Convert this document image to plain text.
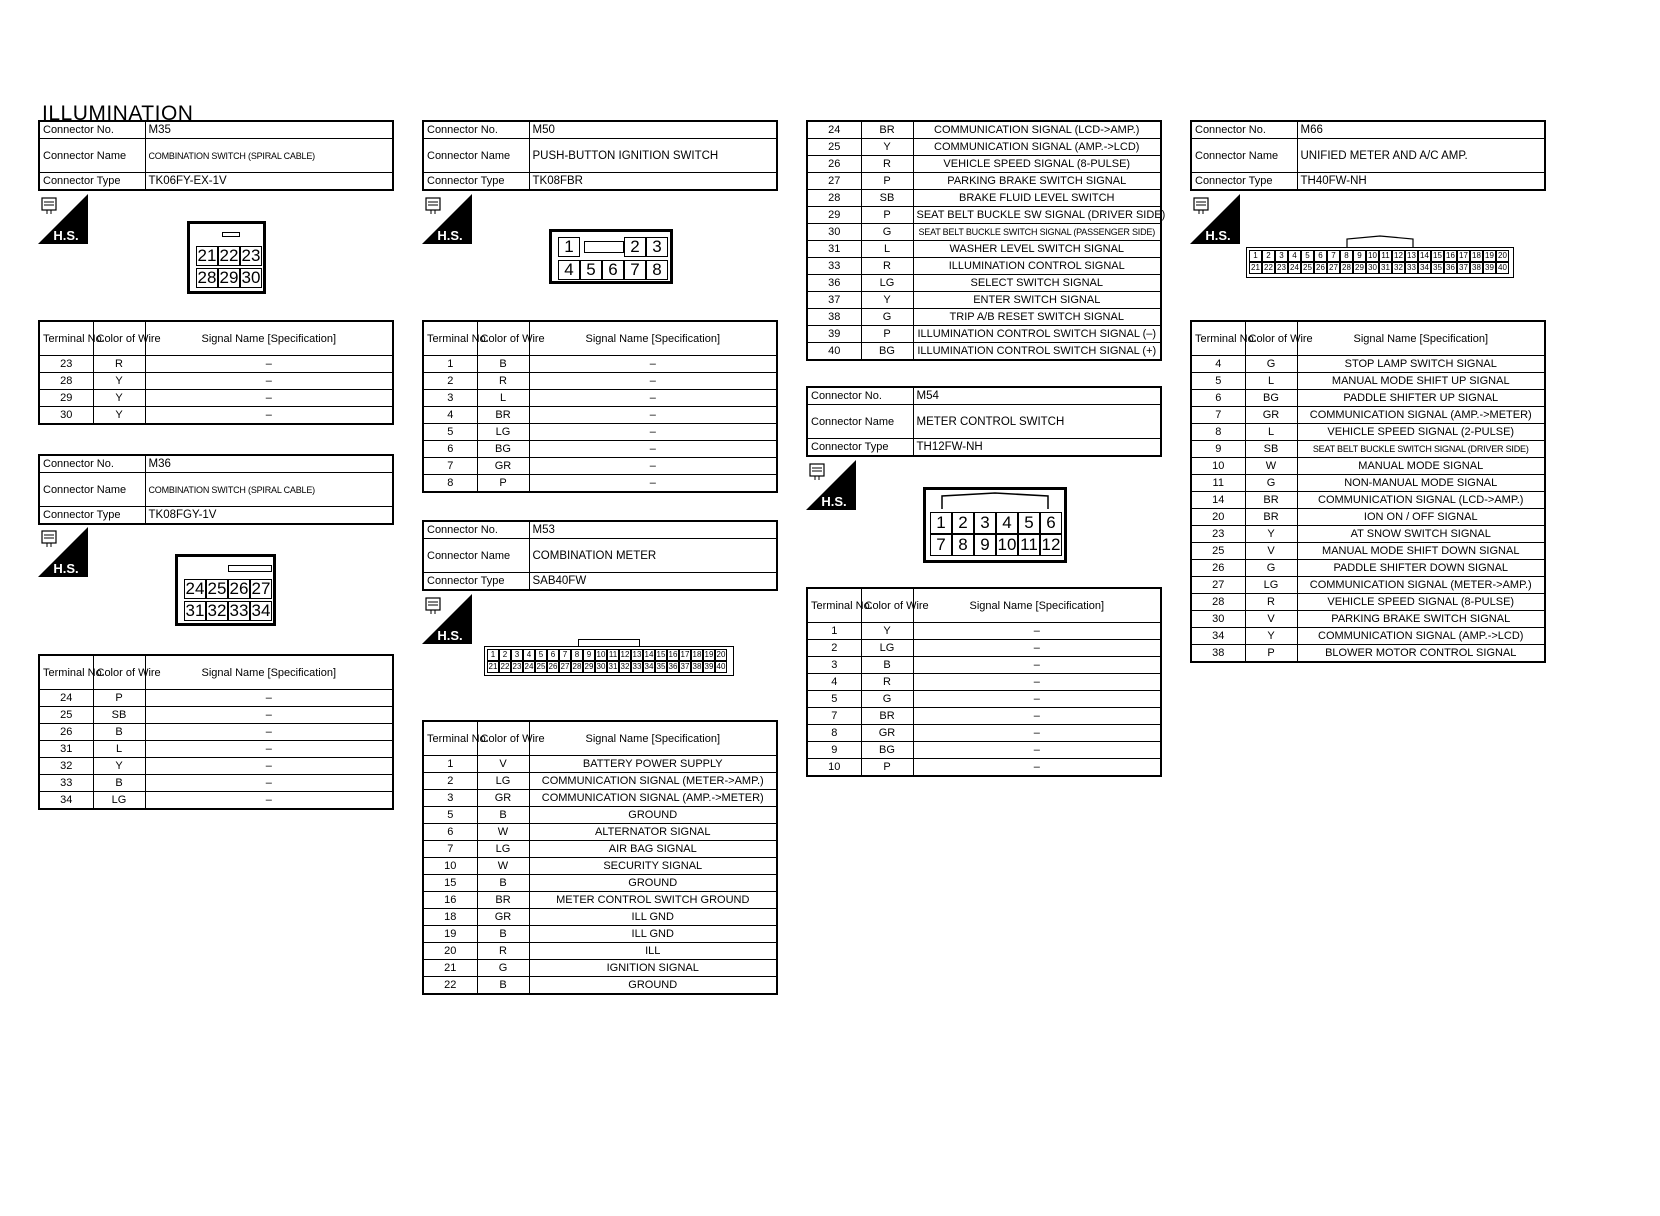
ILLUMINATION
Connector No.	M35
Connector Name	COMBINATION SWITCH (SPIRAL CABLE)
Connector Type	TK06FY-EX-1V
H.S.
21 22 23
28 29 30
Terminal No.	Color of Wire	Signal Name [Specification]
23	R	–
28	Y	–
29	Y	–
30	Y	–
Connector No.	M36
Connector Name	COMBINATION SWITCH (SPIRAL CABLE)
Connector Type	TK08FGY-1V
H.S.
24 25 26 27
31 32 33 34
Terminal No.	Color of Wire	Signal Name [Specification]
24	P	–
25	SB	–
26	B	–
31	L	–
32	Y	–
33	B	–
34	LG	–
Connector No.	M50
Connector Name	PUSH-BUTTON IGNITION SWITCH
Connector Type	TK08FBR
H.S.
1	2 3
4 5 6 7 8
Terminal No.	Color of Wire	Signal Name [Specification]
1	B	–
2	R	–
3	L	–
4	BR	–
5	LG	–
6	BG	–
7	GR	–
8	P	–
Connector No.	M53
Connector Name	COMBINATION METER
Connector Type	SAB40FW
H.S.
1 2 3 4 5 6 7 8 9 10 11 12 13 14 15 16 17 18 19 20
21 22 23 24 25 26 27 28 29 30 31 32 33 34 35 36 37 38 39 40
Terminal No.	Color of Wire	Signal Name [Specification]
1	V	BATTERY POWER SUPPLY
2	LG	COMMUNICATION SIGNAL (METER->AMP.)
3	GR	COMMUNICATION SIGNAL (AMP.->METER)
5	B	GROUND
6	W	ALTERNATOR SIGNAL
7	LG	AIR BAG SIGNAL
10	W	SECURITY SIGNAL
15	B	GROUND
16	BR	METER CONTROL SWITCH GROUND
18	GR	ILL GND
19	B	ILL GND
20	R	ILL
21	G	IGNITION SIGNAL
22	B	GROUND
24	BR	COMMUNICATION SIGNAL (LCD->AMP.)
25	Y	COMMUNICATION SIGNAL (AMP.->LCD)
26	R	VEHICLE SPEED SIGNAL (8-PULSE)
27	P	PARKING BRAKE SWITCH SIGNAL
28	SB	BRAKE FLUID LEVEL SWITCH
29	P	SEAT BELT BUCKLE SW SIGNAL (DRIVER SIDE)
30	G	SEAT BELT BUCKLE SWITCH SIGNAL (PASSENGER SIDE)
31	L	WASHER LEVEL SWITCH SIGNAL
33	R	ILLUMINATION CONTROL SIGNAL
36	LG	SELECT SWITCH SIGNAL
37	Y	ENTER SWITCH SIGNAL
38	G	TRIP A/B RESET SWITCH SIGNAL
39	P	ILLUMINATION CONTROL SWITCH SIGNAL (–)
40	BG	ILLUMINATION CONTROL SWITCH SIGNAL (+)
Connector No.	M54
Connector Name	METER CONTROL SWITCH
Connector Type	TH12FW-NH
H.S.
1 2 3 4 5 6
7 8 9 10 11 12
Terminal No.	Color of Wire	Signal Name [Specification]
1	Y	–
2	LG	–
3	B	–
4	R	–
5	G	–
7	BR	–
8	GR	–
9	BG	–
10	P	–
Connector No.	M66
Connector Name	UNIFIED METER AND A/C AMP.
Connector Type	TH40FW-NH
H.S.
1	2	3	4	5	6	7	8	9 10 11 12 13 14 15 16 17 18 19 20
21 22 23 24 25 26 27 28 29 30 31 32 33 34 35 36 37 38 39 40
Terminal No.	Color of Wire	Signal Name [Specification]
4	G	STOP LAMP SWITCH SIGNAL
5	L	MANUAL MODE SHIFT UP SIGNAL
6	BG	PADDLE SHIFTER UP SIGNAL
7	GR	COMMUNICATION SIGNAL (AMP.->METER)
8	L	VEHICLE SPEED SIGNAL (2-PULSE)
9	SB	SEAT BELT BUCKLE SWITCH SIGNAL (DRIVER SIDE)
10	W	MANUAL MODE SIGNAL
11	G	NON-MANUAL MODE SIGNAL
14	BR	COMMUNICATION SIGNAL (LCD->AMP.)
20	BR	ION ON / OFF SIGNAL
23	Y	AT SNOW SWITCH SIGNAL
25	V	MANUAL MODE SHIFT DOWN SIGNAL
26	G	PADDLE SHIFTER DOWN SIGNAL
27	LG	COMMUNICATION SIGNAL (METER->AMP.)
28	R	VEHICLE SPEED SIGNAL (8-PULSE)
30	V	PARKING BRAKE SWITCH SIGNAL
34	Y	COMMUNICATION SIGNAL (AMP.->LCD)
38	P	BLOWER MOTOR CONTROL SIGNAL
